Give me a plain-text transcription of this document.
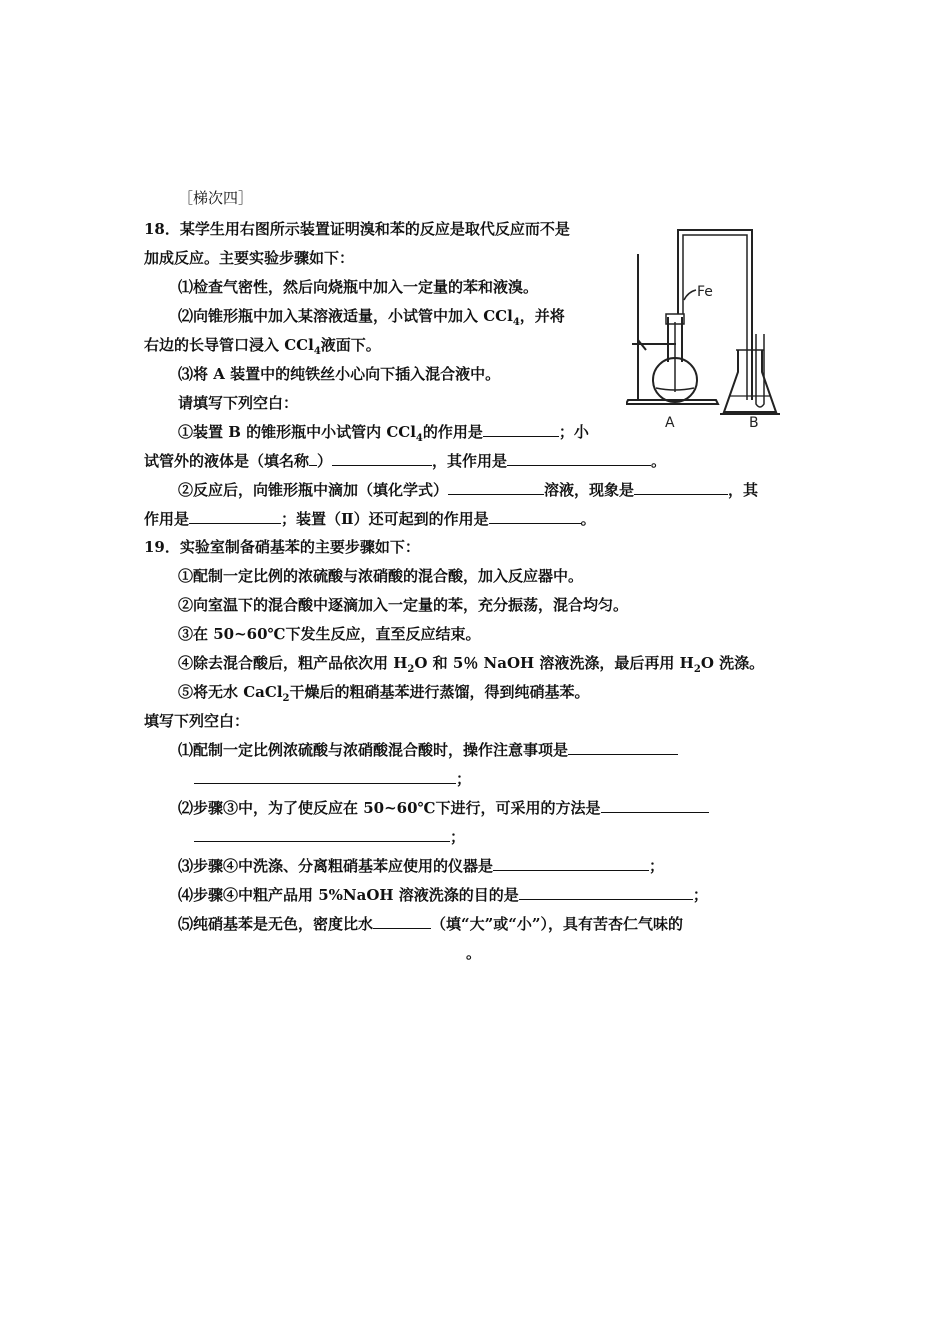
［梯次四］
18．某学生用右图所示装置证明溴和苯的反应是取代反应而不是
加成反应。主要实验步骤如下：
⑴检查气密性，然后向烧瓶中加入一定量的苯和液溴。
⑵向锥形瓶中加入某溶液适量，小试管中加入 CCl$_4$，并将
右边的长导管口浸入 CCl$_4$液面下。
⑶将 A 装置中的纯铁丝小心向下插入混合液中。
请填写下列空白：
①装置 B 的锥形瓶中小试管内 CCl$_4$的作用是	；小
试管外的液体是（填名称 ）	，其作用是	。
②反应后，向锥形瓶中滴加（填化学式）	溶液，现象是	，其
作用是	；装置（Ⅱ）还可起到的作用是	。
Fe
A	B
19．实验室制备硝基苯的主要步骤如下：
①配制一定比例的浓硫酸与浓硝酸的混合酸，加入反应器中。
②向室温下的混合酸中逐滴加入一定量的苯，充分振荡，混合均匀。
③在 50~60℃下发生反应，直至反应结束。
④除去混合酸后，粗产品依次用 $H_2O$ 和 5％ NaOH 溶液洗涤，最后再用 $H_2O$ 洗涤。
⑤将无水 CaCl$_2$干燥后的粗硝基苯进行蒸馏，得到纯硝基苯。
填写下列空白：
⑴配制一定比例浓硫酸与浓硝酸混合酸时，操作注意事项是
；
⑵步骤③中，为了使反应在 50~60℃下进行，可采用的方法是
；
⑶步骤④中洗涤、分离粗硝基苯应使用的仪器是	；
⑷步骤④中粗产品用 5%NaOH 溶液洗涤的目的是	；
⑸纯硝基苯是无色，密度比水	（填“大”或“小”），具有苦杏仁气味的
。
